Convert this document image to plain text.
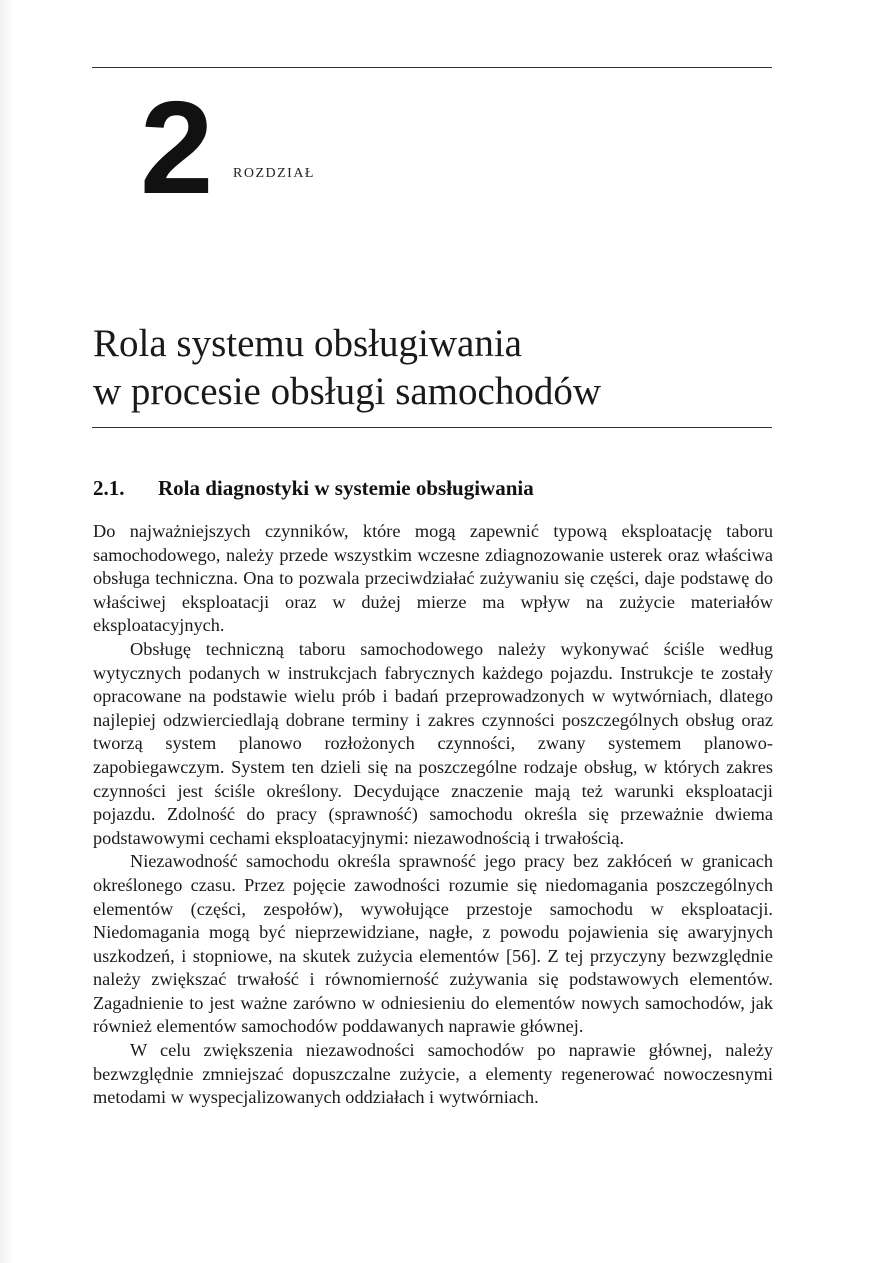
2 ROZDZIAŁ
Rola systemu obsługiwania
w procesie obsługi samochodów
2.1. Rola diagnostyki w systemie obsługiwania

Do najważniejszych czynników, które mogą zapewnić typową eksploatację taboru samochodowego, należy przede wszystkim wczesne zdiagnozowanie usterek oraz właściwa obsługa techniczna. Ona to pozwala przeciwdziałać zużywaniu się części, daje podstawę do właściwej eksploatacji oraz w dużej mierze ma wpływ na zużycie materiałów eksploatacyjnych.

Obsługę techniczną taboru samochodowego należy wykonywać ściśle według wytycznych podanych w instrukcjach fabrycznych każdego pojazdu. Instrukcje te zostały opracowane na podstawie wielu prób i badań przeprowadzonych w wytwórniach, dlatego najlepiej odzwierciedlają dobrane terminy i zakres czynności poszczególnych obsług oraz tworzą system planowo rozłożonych czynności, zwany systemem planowo-zapobiegawczym. System ten dzieli się na poszczególne rodzaje obsług, w których zakres czynności jest ściśle określony. Decydujące znaczenie mają też warunki eksploatacji pojazdu. Zdolność do pracy (sprawność) samochodu określa się przeważnie dwiema podstawowymi cechami eksploatacyjnymi: niezawodnością i trwałością.

Niezawodność samochodu określa sprawność jego pracy bez zakłóceń w granicach określonego czasu. Przez pojęcie zawodności rozumie się niedomagania poszczególnych elementów (części, zespołów), wywołujące przestoje samochodu w eksploatacji. Niedomagania mogą być nieprzewidziane, nagłe, z powodu pojawienia się awaryjnych uszkodzeń, i stopniowe, na skutek zużycia elementów [56]. Z tej przyczyny bezwzględnie należy zwiększać trwałość i równomierność zużywania się podstawowych elementów. Zagadnienie to jest ważne zarówno w odniesieniu do elementów nowych samochodów, jak również elementów samochodów poddawanych naprawie głównej.

W celu zwiększenia niezawodności samochodów po naprawie głównej, należy bezwzględnie zmniejszać dopuszczalne zużycie, a elementy regenerować nowoczesnymi metodami w wyspecjalizowanych oddziałach i wytwórniach.
